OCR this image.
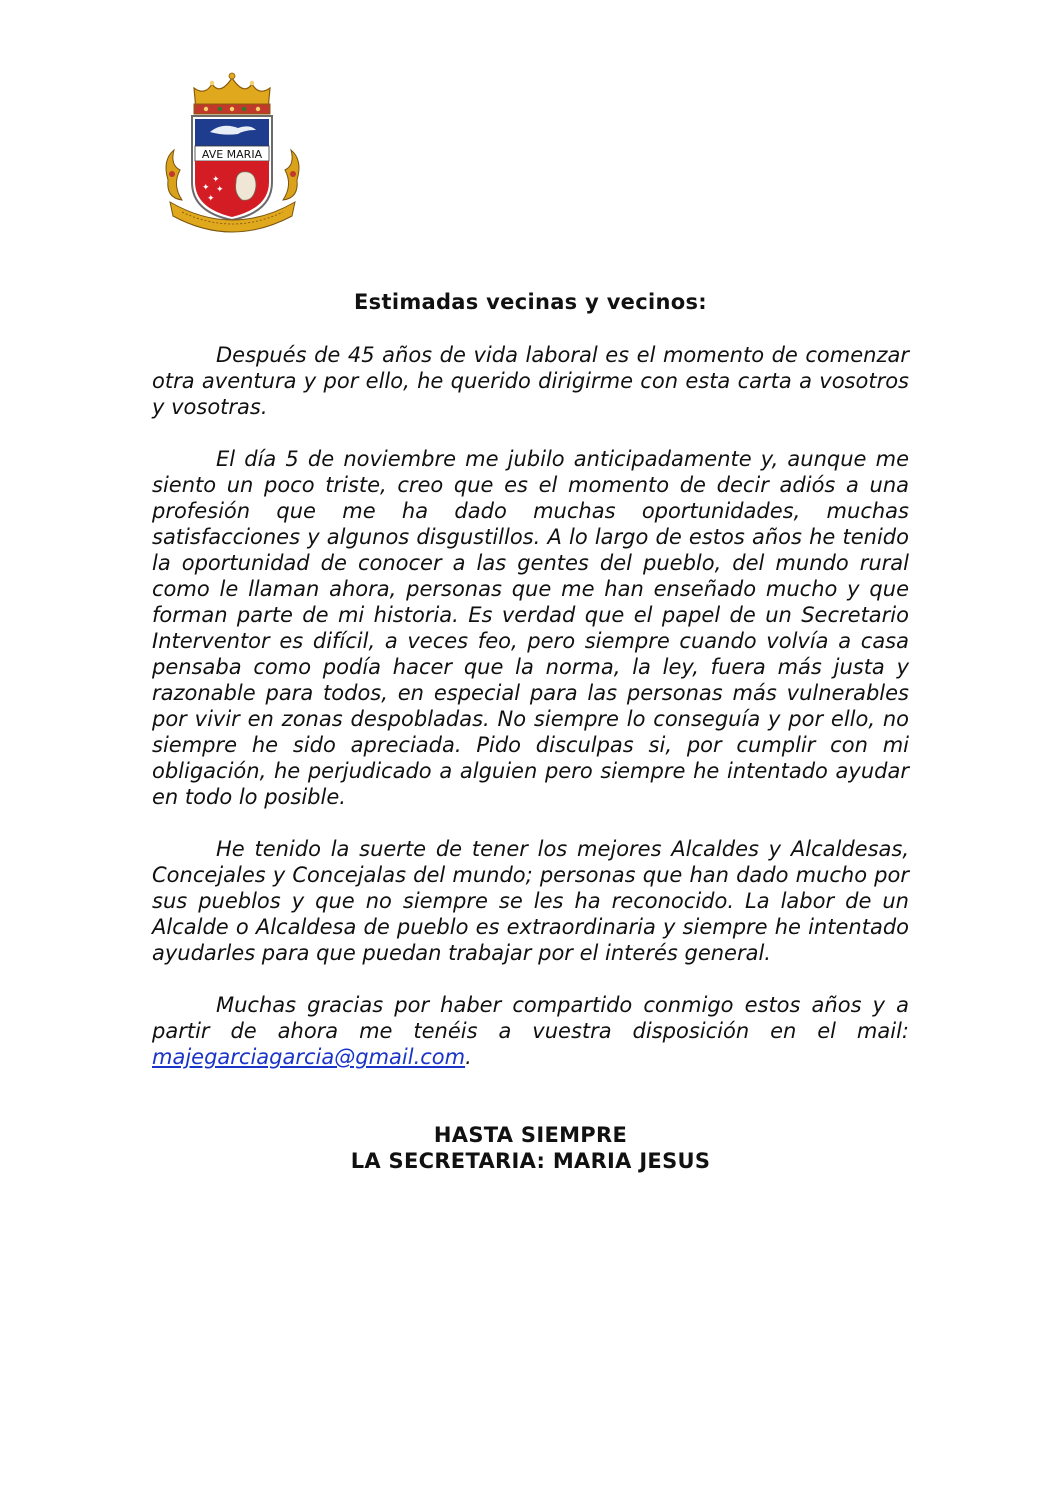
AVE MARIA
✦
✦ ✦
✦
Estimadas vecinas y vecinos:

Después de 45 años de vida laboral es el momento de comenzar otra aventura y por ello, he querido dirigirme con esta carta a vosotros y vosotras.

El día 5 de noviembre me jubilo anticipadamente y, aunque me siento un poco triste, creo que es el momento de decir adiós a una profesión que me ha dado muchas oportunidades, muchas satisfacciones y algunos disgustillos. A lo largo de estos años he tenido la oportunidad de conocer a las gentes del pueblo, del mundo rural como le llaman ahora, personas que me han enseñado mucho y que forman parte de mi historia. Es verdad que el papel de un Secretario Interventor es difícil, a veces feo, pero siempre cuando volvía a casa pensaba como podía hacer que la norma, la ley, fuera más justa y razonable para todos, en especial para las personas más vulnerables por vivir en zonas despobladas. No siempre lo conseguía y por ello, no siempre he sido apreciada. Pido disculpas si, por cumplir con mi obligación, he perjudicado a alguien pero siempre he intentado ayudar en todo lo posible.

He tenido la suerte de tener los mejores Alcaldes y Alcaldesas, Concejales y Concejalas del mundo; personas que han dado mucho por sus pueblos y que no siempre se les ha reconocido. La labor de un Alcalde o Alcaldesa de pueblo es extraordinaria y siempre he intentado ayudarles para que puedan trabajar por el interés general.

Muchas gracias por haber compartido conmigo estos años y a partir de ahora me tenéis a vuestra disposición en el mail: majegarciagarcia@gmail.com.

HASTA SIEMPRE
LA SECRETARIA: MARIA JESUS
